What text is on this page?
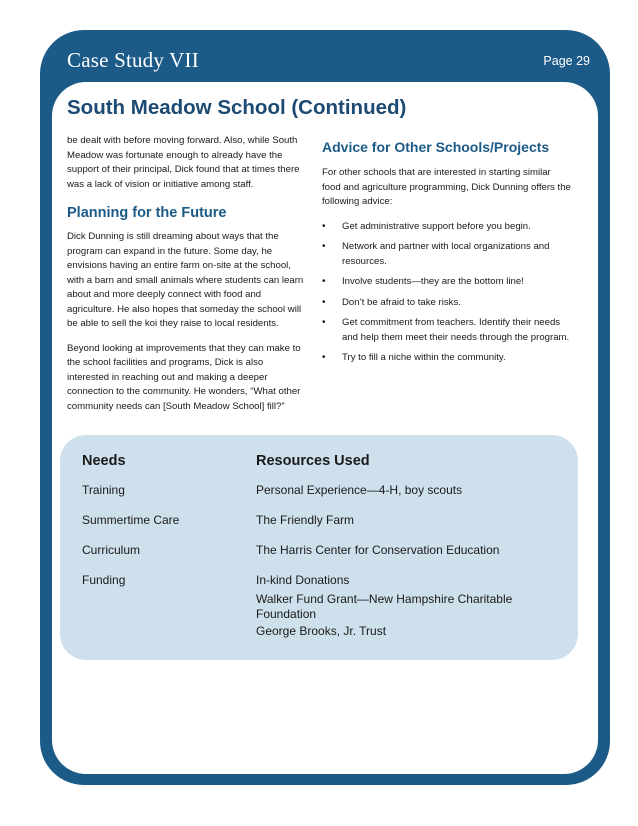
Case Study VII	Page 29
South Meadow School (Continued)

be dealt with before moving forward. Also, while South Meadow was fortunate enough to already have the support of their principal, Dick found that at times there was a lack of vision or initiative among staff.

Planning for the Future

Dick Dunning is still dreaming about ways that the program can expand in the future. Some day, he envisions having an entire farm on-site at the school, with a barn and small animals where students can learn about and more deeply connect with food and agriculture. He also hopes that someday the school will be able to sell the koi they raise to local residents.

Beyond looking at improvements that they can make to the school facilities and programs, Dick is also interested in reaching out and making a deeper connection to the community. He wonders, “What other community needs can [South Meadow School] fill?”

Advice for Other Schools/Projects

For other schools that are interested in starting similar food and agriculture programming, Dick Dunning offers the following advice:

• Get administrative support before you begin.
• Network and partner with local organizations and resources.
• Involve students—they are the bottom line!
• Don’t be afraid to take risks.
• Get commitment from teachers. Identify their needs and help them meet their needs through the program.
• Try to fill a niche within the community.
Needs	Resources Used
Training	Personal Experience—4-H, boy scouts
Summertime Care	The Friendly Farm
Curriculum	The Harris Center for Conservation Education
Funding	In-kind Donations
Walker Fund Grant—New Hampshire Charitable Foundation
George Brooks, Jr. Trust
